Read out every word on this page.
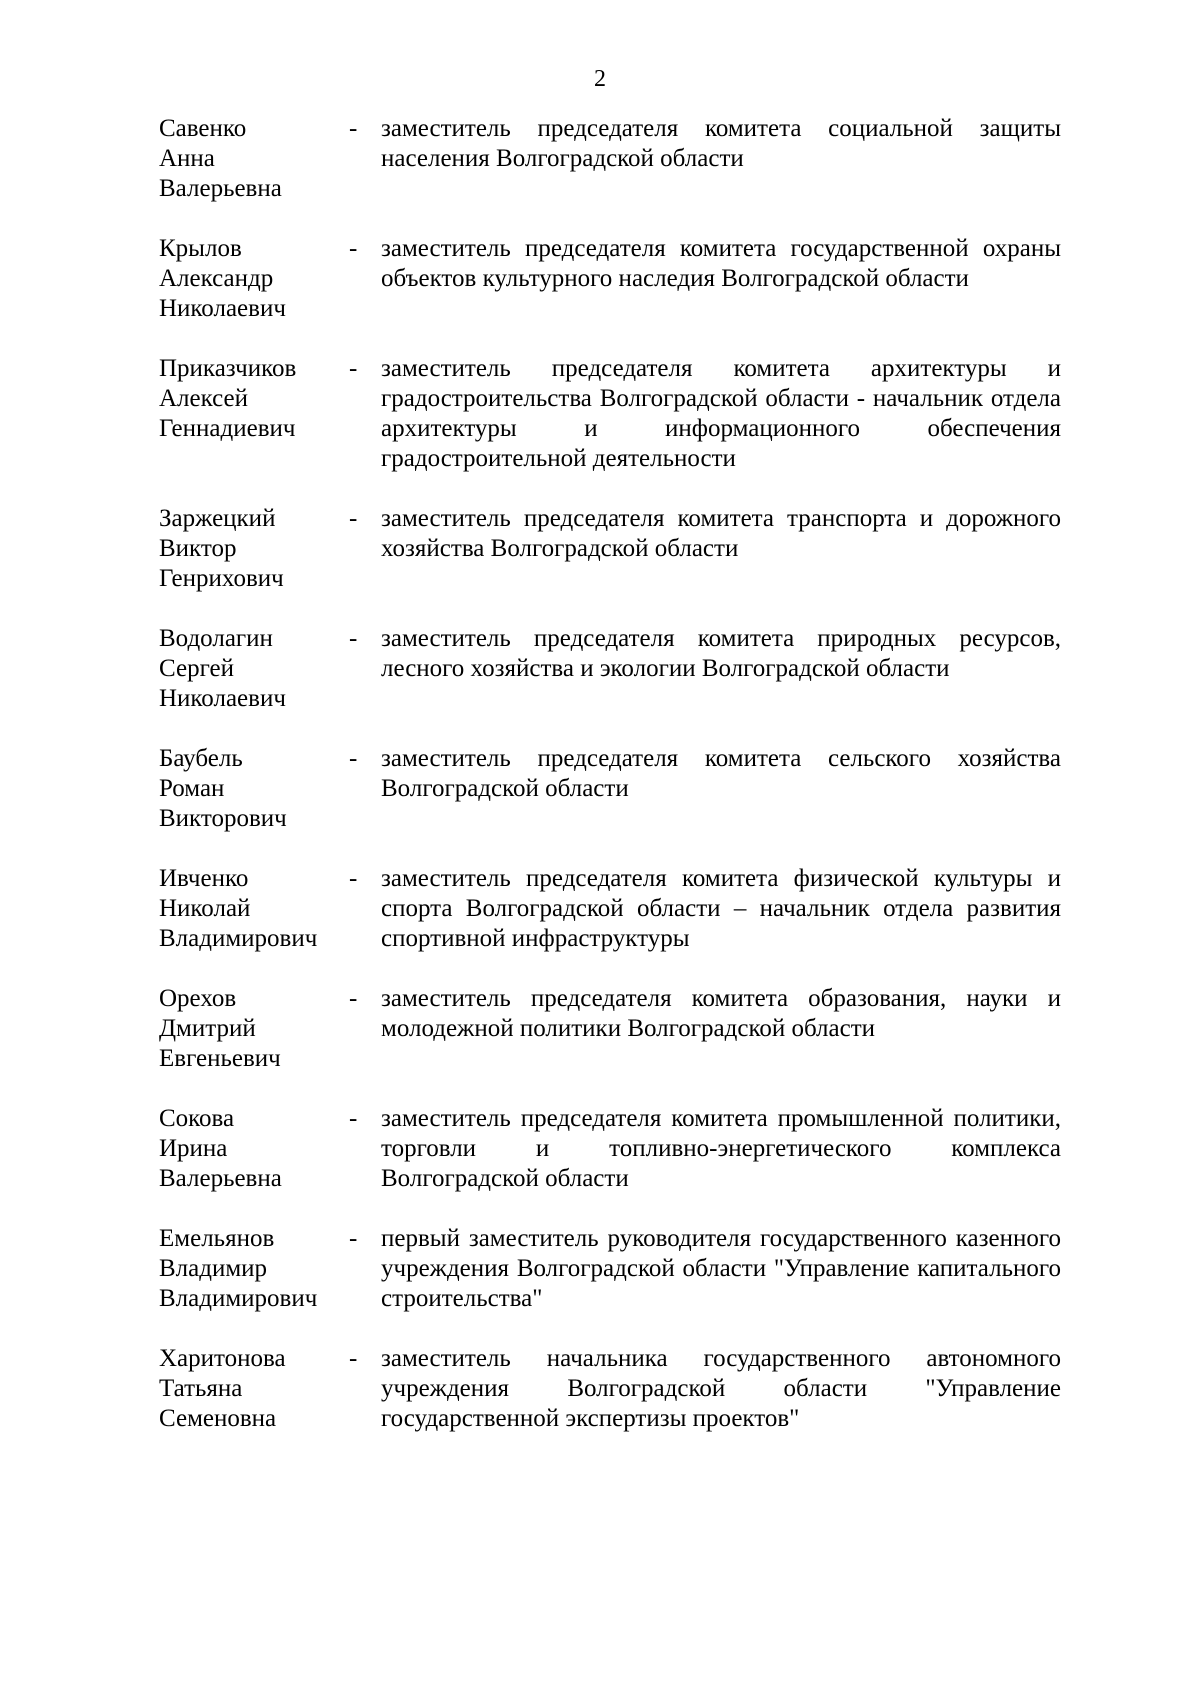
2
Савенко
Анна
Валерьевна
- заместитель председателя комитета социальной защиты населения Волгоградской области
Крылов
Александр
Николаевич
- заместитель председателя комитета государственной охраны объектов культурного наследия Волгоградской области
Приказчиков
Алексей
Геннадиевич
- заместитель председателя комитета архитектуры и градостроительства Волгоградской области - начальник отдела архитектуры и информационного обеспечения градостроительной деятельности
Заржецкий
Виктор
Генрихович
- заместитель председателя комитета транспорта и дорожного хозяйства Волгоградской области
Водолагин
Сергей
Николаевич
- заместитель председателя комитета природных ресурсов, лесного хозяйства и экологии Волгоградской области
Баубель
Роман
Викторович
- заместитель председателя комитета сельского хозяйства Волгоградской области
Ивченко
Николай
Владимирович
- заместитель председателя комитета физической культуры и спорта Волгоградской области – начальник отдела развития спортивной инфраструктуры
Орехов
Дмитрий
Евгеньевич
- заместитель председателя комитета образования, науки и молодежной политики Волгоградской области
Сокова
Ирина
Валерьевна
- заместитель председателя комитета промышленной политики, торговли и топливно-энергетического комплекса Волгоградской области
Емельянов
Владимир
Владимирович
- первый заместитель руководителя государственного казенного учреждения Волгоградской области "Управление капитального строительства"
Харитонова
Татьяна
Семеновна
- заместитель начальника государственного автономного учреждения Волгоградской области "Управление государственной экспертизы проектов"
